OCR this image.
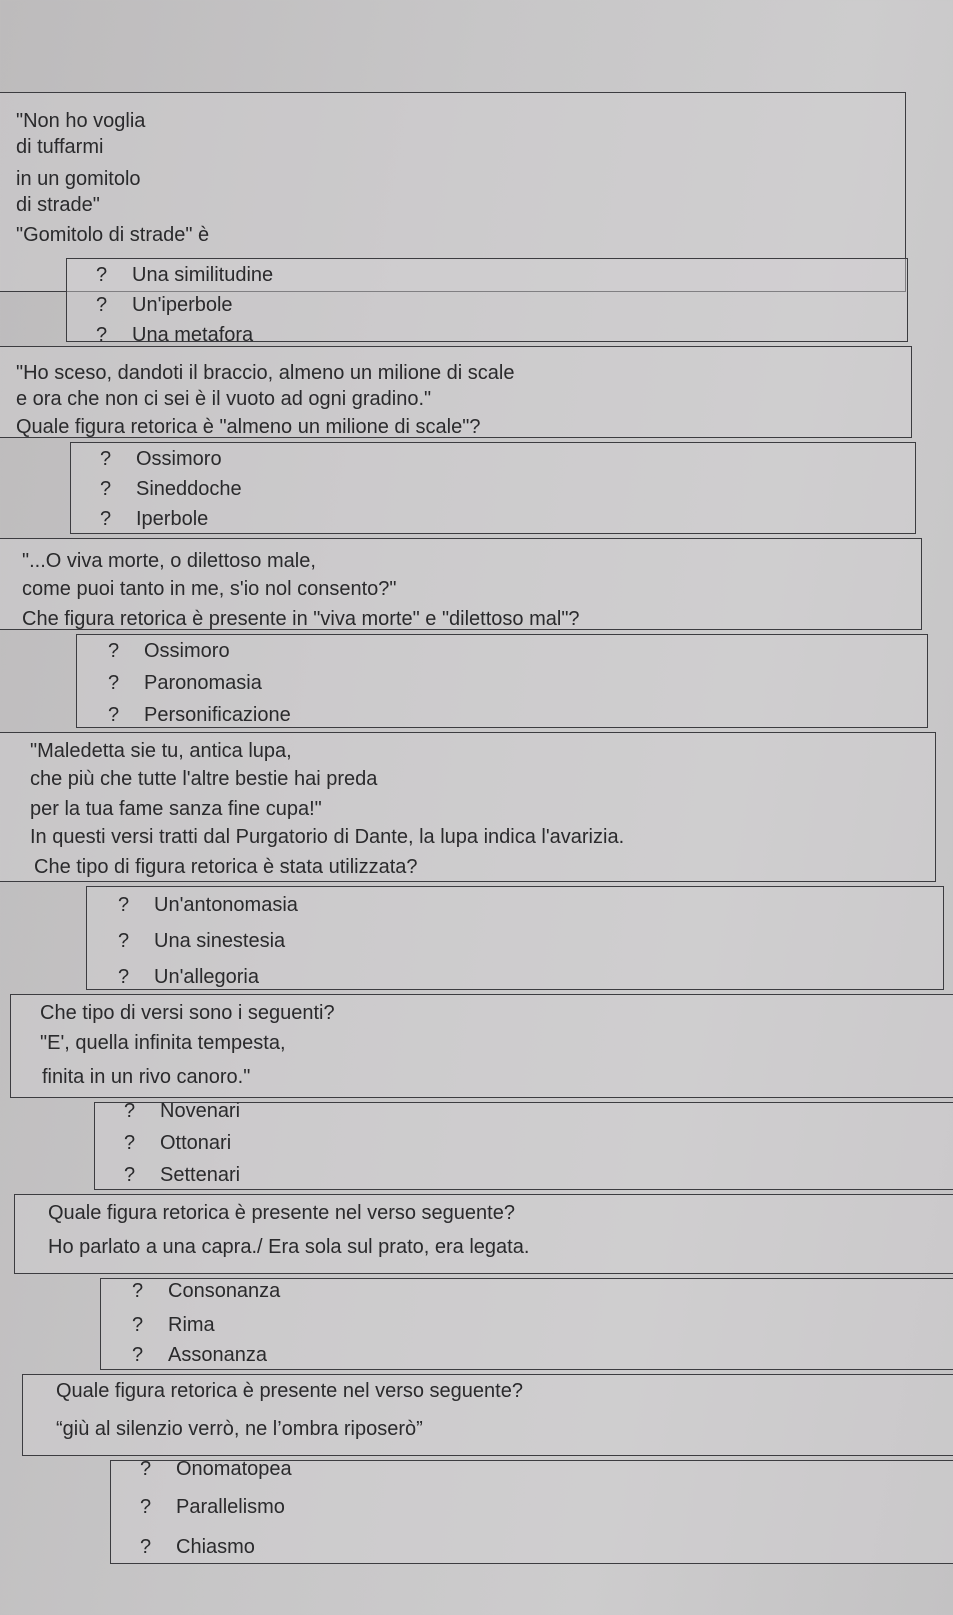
"Non ho voglia
di tuffarmi
in un gomitolo
di strade"
"Gomitolo di strade" è
? Una similitudine
? Un'iperbole
? Una metafora
"Ho sceso, dandoti il braccio, almeno un milione di scale
e ora che non ci sei è il vuoto ad ogni gradino."
Quale figura retorica è "almeno un milione di scale"?
? Ossimoro
? Sineddoche
? Iperbole
"...O viva morte, o dilettoso male,
come puoi tanto in me, s'io nol consento?"
Che figura retorica è presente in "viva morte" e "dilettoso mal"?
? Ossimoro
? Paronomasia
? Personificazione
"Maledetta sie tu, antica lupa,
che più che tutte l'altre bestie hai preda
per la tua fame sanza fine cupa!"
In questi versi tratti dal Purgatorio di Dante, la lupa indica l'avarizia.
Che tipo di figura retorica è stata utilizzata?
? Un'antonomasia
? Una sinestesia
? Un'allegoria
Che tipo di versi sono i seguenti?
"E', quella infinita tempesta,
finita in un rivo canoro."
? Novenari
? Ottonari
? Settenari
Quale figura retorica è presente nel verso seguente?
Ho parlato a una capra./ Era sola sul prato, era legata.
? Consonanza
? Rima
? Assonanza
Quale figura retorica è presente nel verso seguente?
“giù al silenzio verrò, ne l’ombra riposerò”
? Onomatopea
? Parallelismo
? Chiasmo
